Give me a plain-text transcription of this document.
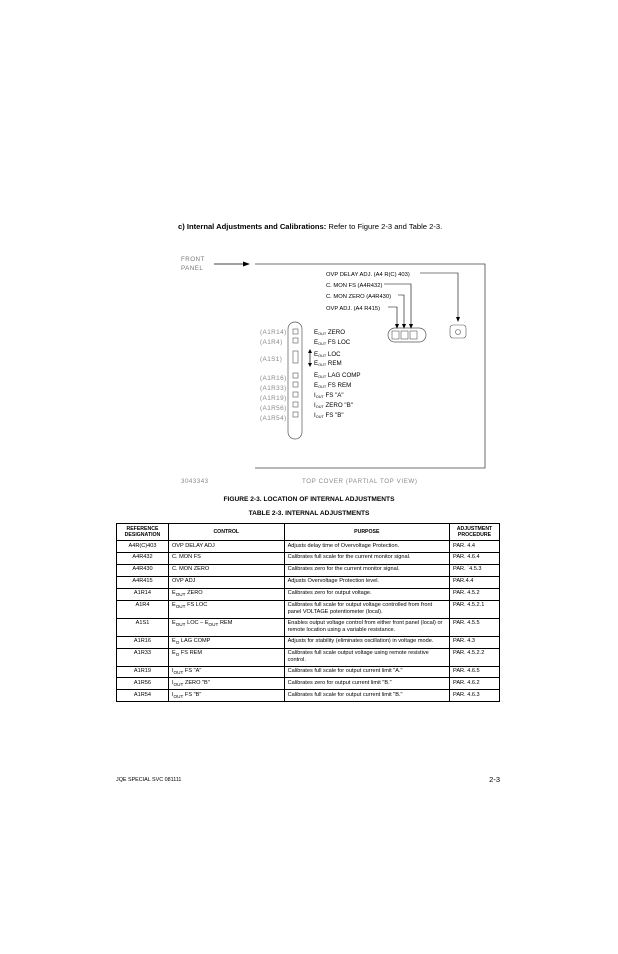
c) Internal Adjustments and Calibrations: Refer to Figure 2-3 and Table 2-3.
FRONT
PANEL
OVP DELAY ADJ. (A4 R(C) 403)
C. MON FS (A4R432)
C. MON ZERO (A4R430)
OVP ADJ. (A4 R415)
(A1R14)
(A1R4)
(A1S1)
(A1R16)
(A1R33)
(A1R19)
(A1R56)
(A1R54)
EOUT ZERO
EOUT FS LOC
EOUT LOC
EOUT REM
EOUT LAG COMP
EOUT FS REM
IOUT FS "A"
IOUT ZERO "B"
IOUT FS "B"
3043343	TOP COVER (PARTIAL TOP VIEW)
FIGURE 2-3. LOCATION OF INTERNAL ADJUSTMENTS
TABLE 2-3. INTERNAL ADJUSTMENTS
REFERENCE DESIGNATION	CONTROL	PURPOSE	ADJUSTMENT PROCEDURE
A4R(C)403	OVP DELAY ADJ	Adjusts delay time of Overvoltage Protection.	PAR. 4.4
A4R432	C. MON FS	Calibrates full scale for the current monitor signal.	PAR. 4.6.4
A4R430	C. MON ZERO	Calibrates zero for the current monitor signal.	PAR. `4.5.3
A4R415	OVP ADJ	Adjusts Overvoltage Protection level.	PAR.4.4
A1R14	$E_{OUT}$ ZERO	Calibrates zero for output voltage.	PAR. 4.5.2
A1R4	$E_{OUT}$ FS LOC	Calibrates full scale for output voltage controlled from front panel VOLTAGE potentiometer (local).	PAR. 4.5.2.1
A1S1	$E_{OUT}$ LOC – $E_{OUT}$ REM	Enables output voltage control from either front panel (local) or remote location using a variable resistance.	PAR. 4.5.5
A1R16	$E_O$ LAG COMP	Adjusts for stability (eliminates oscillation) in voltage mode.	PAR. 4.3
A1R33	$E_O$ FS REM	Calibrates full scale output voltage using remote resistive control.	PAR. 4.5.2.2
A1R19	$I_{OUT}$ FS "A"	Calibrates full scale for output current limit "A."	PAR. 4.6.5
A1R56	$I_{OUT}$ ZERO "B"	Calibrates zero for output current limit "B."	PAR. 4.6.2
A1R54	$I_{OUT}$ FS "B"	Calibrates full scale for output current limit "B."	PAR. 4.6.3
JQE SPECIAL SVC 081111	2-3
